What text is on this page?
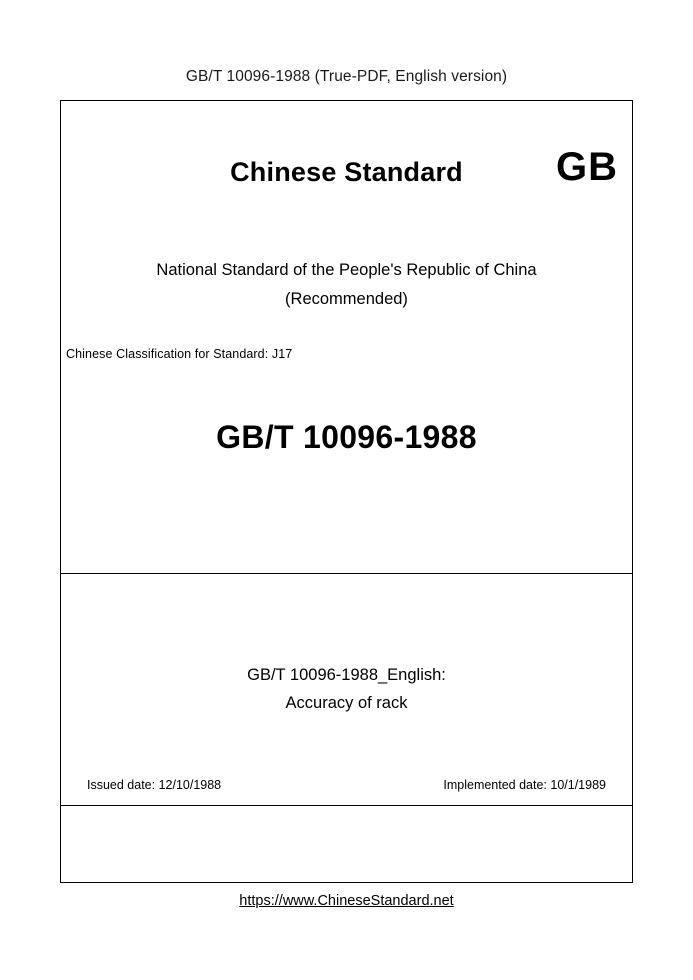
GB/T 10096-1988 (True-PDF, English version)
Chinese Standard	GB
National Standard of the People's Republic of China
(Recommended)
Chinese Classification for Standard: J17
GB/T 10096-1988
GB/T 10096-1988_English:
Accuracy of rack
Issued date: 12/10/1988	Implemented date: 10/1/1989
https://www.ChineseStandard.net
